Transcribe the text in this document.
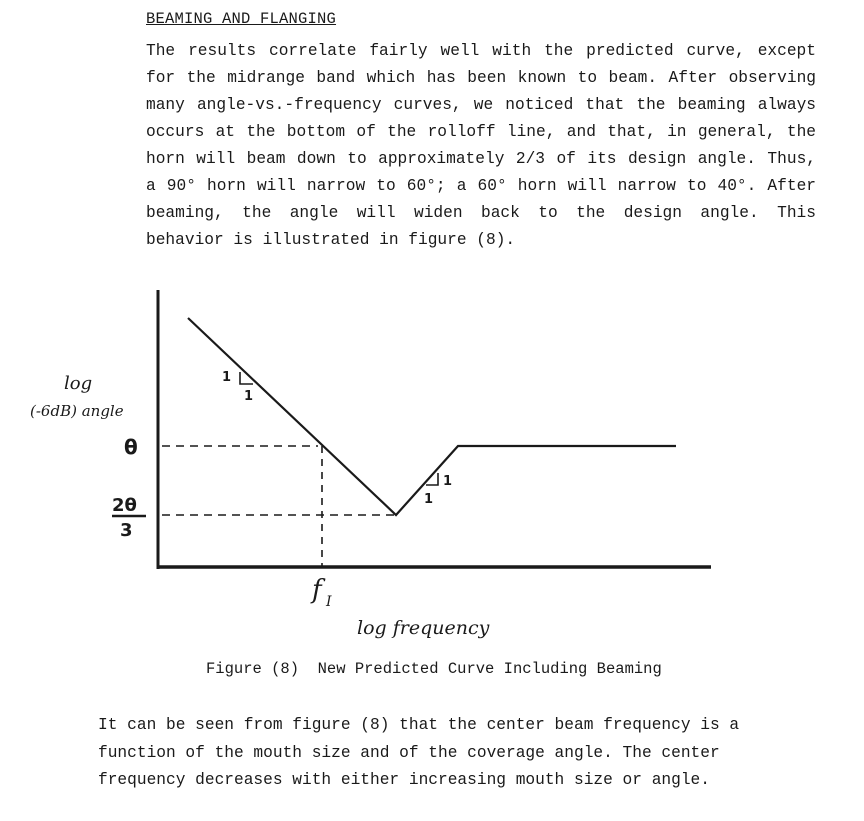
BEAMING AND FLANGING
The results correlate fairly well with the predicted curve, except for the midrange band which has been known to beam. After observing many angle-vs.-frequency curves, we noticed that the beaming always occurs at the bottom of the rolloff line, and that, in general, the horn will beam down to approximately 2/3 of its design angle. Thus, a 90° horn will narrow to 60°; a 60° horn will narrow to 40°. After beaming, the angle will widen back to the design angle. This behavior is illustrated in figure (8).
1
1
1
1
log
(-6dB) angle
θ
2θ
3
f I
log frequency
Figure (8)  New Predicted Curve Including Beaming
It can be seen from figure (8) that the center beam frequency is a function of the mouth size and of the coverage angle. The center frequency decreases with either increasing mouth size or angle.
